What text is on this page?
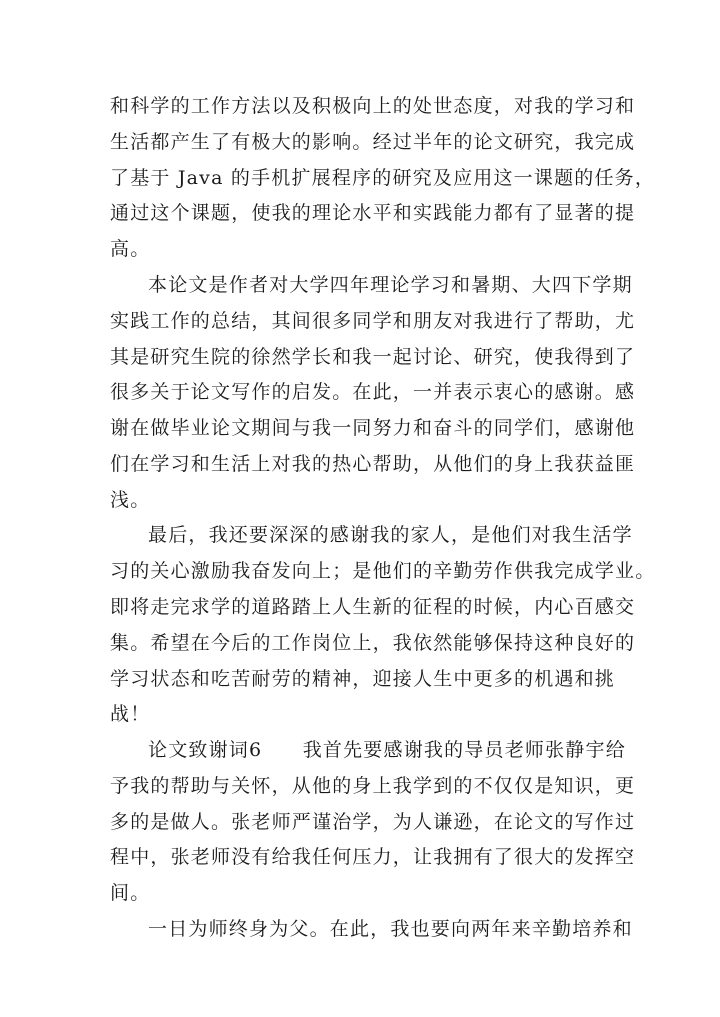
和科学的工作方法以及积极向上的处世态度，对我的学习和
生活都产生了有极大的影响。经过半年的论文研究，我完成
了基于 Java 的手机扩展程序的研究及应用这一课题的任务，
通过这个课题，使我的理论水平和实践能力都有了显著的提
高。
本论文是作者对大学四年理论学习和暑期、大四下学期
实践工作的总结，其间很多同学和朋友对我进行了帮助，尤
其是研究生院的徐然学长和我一起讨论、研究，使我得到了
很多关于论文写作的启发。在此，一并表示衷心的感谢。感
谢在做毕业论文期间与我一同努力和奋斗的同学们，感谢他
们在学习和生活上对我的热心帮助，从他们的身上我获益匪
浅。
最后，我还要深深的感谢我的家人，是他们对我生活学
习的关心激励我奋发向上；是他们的辛勤劳作供我完成学业。
即将走完求学的道路踏上人生新的征程的时候，内心百感交
集。希望在今后的工作岗位上，我依然能够保持这种良好的
学习状态和吃苦耐劳的精神，迎接人生中更多的机遇和挑
战！
论文致谢词6　　我首先要感谢我的导员老师张静宇给
予我的帮助与关怀，从他的身上我学到的不仅仅是知识，更
多的是做人。张老师严谨治学，为人谦逊，在论文的写作过
程中，张老师没有给我任何压力，让我拥有了很大的发挥空
间。
一日为师终身为父。在此，我也要向两年来辛勤培养和
